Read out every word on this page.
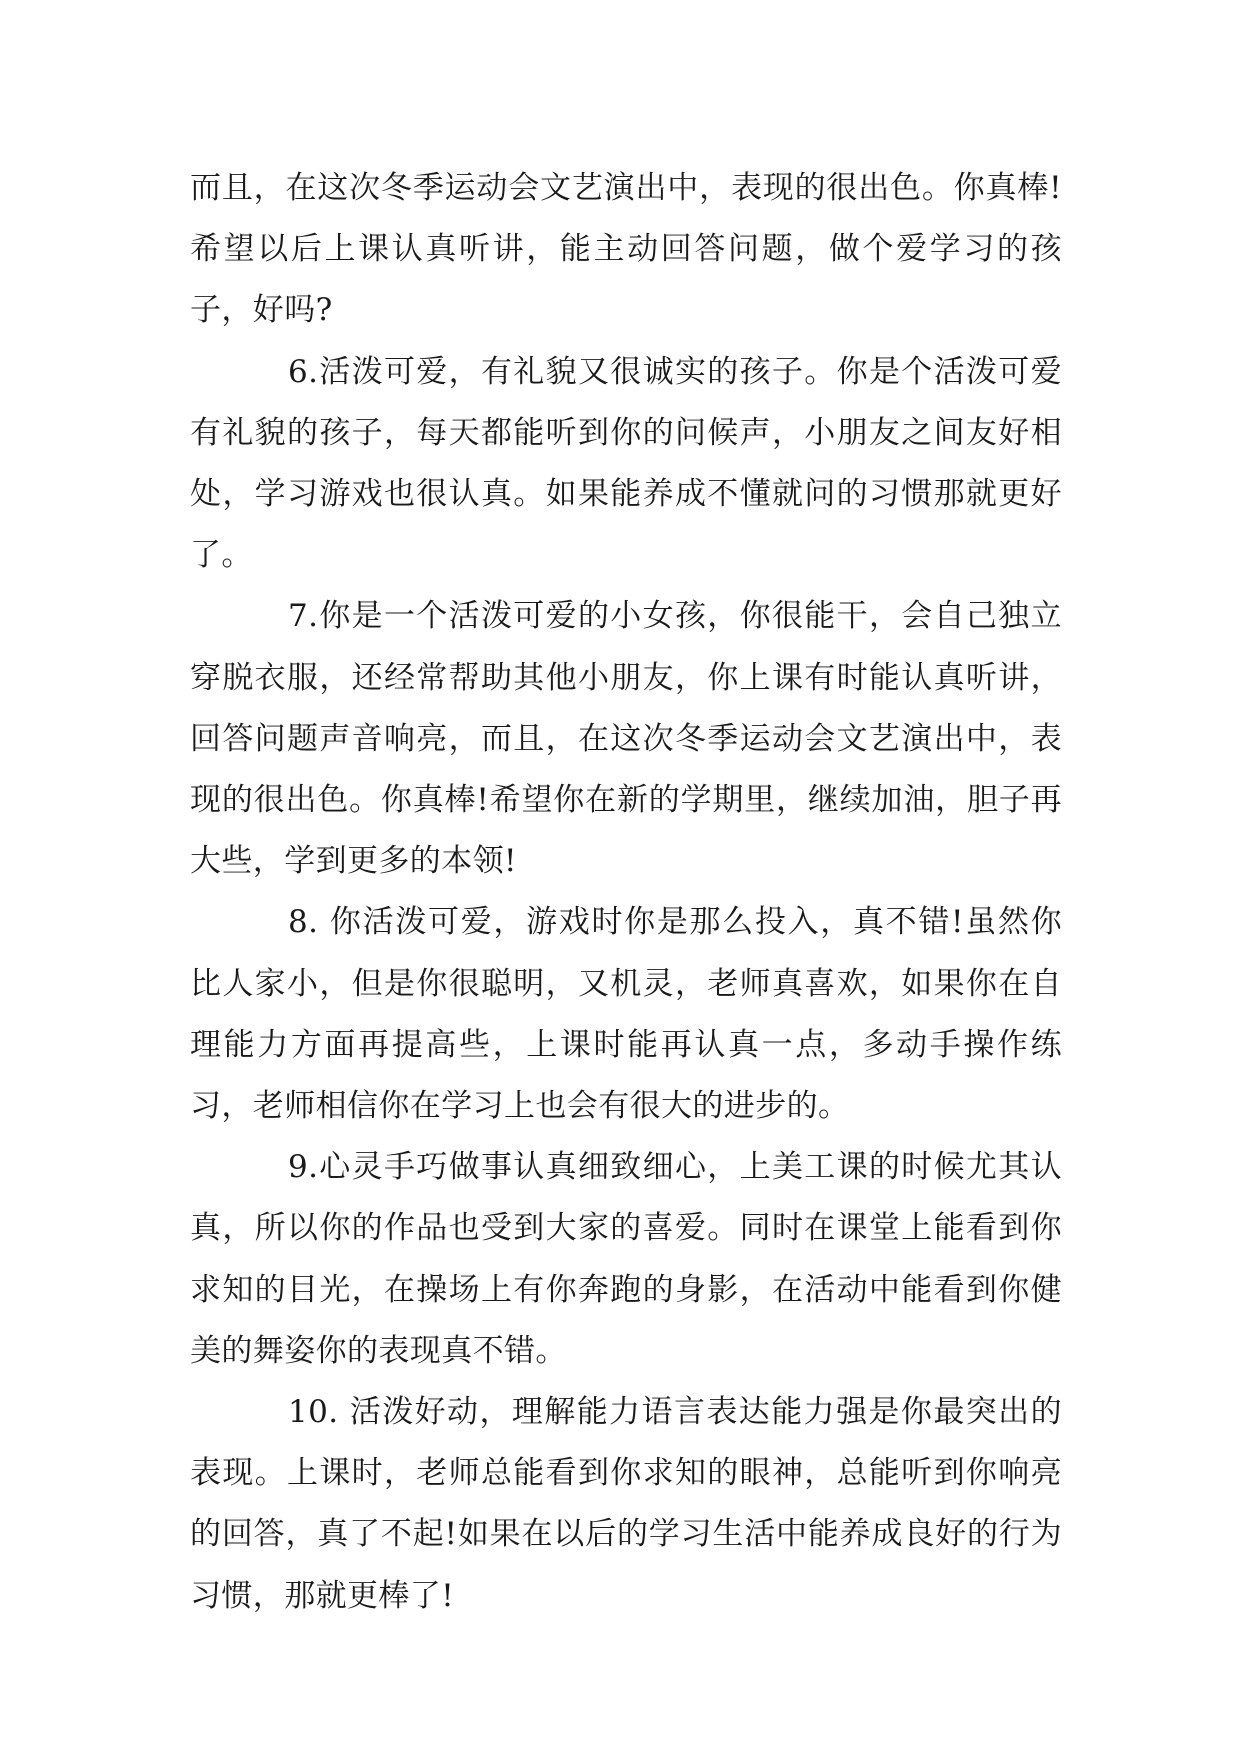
而且，在这次冬季运动会文艺演出中，表现的很出色。你真棒!希望以后上课认真听讲，能主动回答问题，做个爱学习的孩子，好吗?

6.活泼可爱，有礼貌又很诚实的孩子。你是个活泼可爱有礼貌的孩子，每天都能听到你的问候声，小朋友之间友好相处，学习游戏也很认真。如果能养成不懂就问的习惯那就更好了。

7.你是一个活泼可爱的小女孩，你很能干，会自己独立穿脱衣服，还经常帮助其他小朋友，你上课有时能认真听讲，回答问题声音响亮，而且，在这次冬季运动会文艺演出中，表现的很出色。你真棒!希望你在新的学期里，继续加油，胆子再大些，学到更多的本领!

8. 你活泼可爱，游戏时你是那么投入，真不错!虽然你比人家小，但是你很聪明，又机灵，老师真喜欢，如果你在自理能力方面再提高些，上课时能再认真一点，多动手操作练习，老师相信你在学习上也会有很大的进步的。

9.心灵手巧做事认真细致细心，上美工课的时候尤其认真，所以你的作品也受到大家的喜爱。同时在课堂上能看到你求知的目光，在操场上有你奔跑的身影，在活动中能看到你健美的舞姿你的表现真不错。

10. 活泼好动，理解能力语言表达能力强是你最突出的表现。上课时，老师总能看到你求知的眼神，总能听到你响亮的回答，真了不起!如果在以后的学习生活中能养成良好的行为习惯，那就更棒了!
